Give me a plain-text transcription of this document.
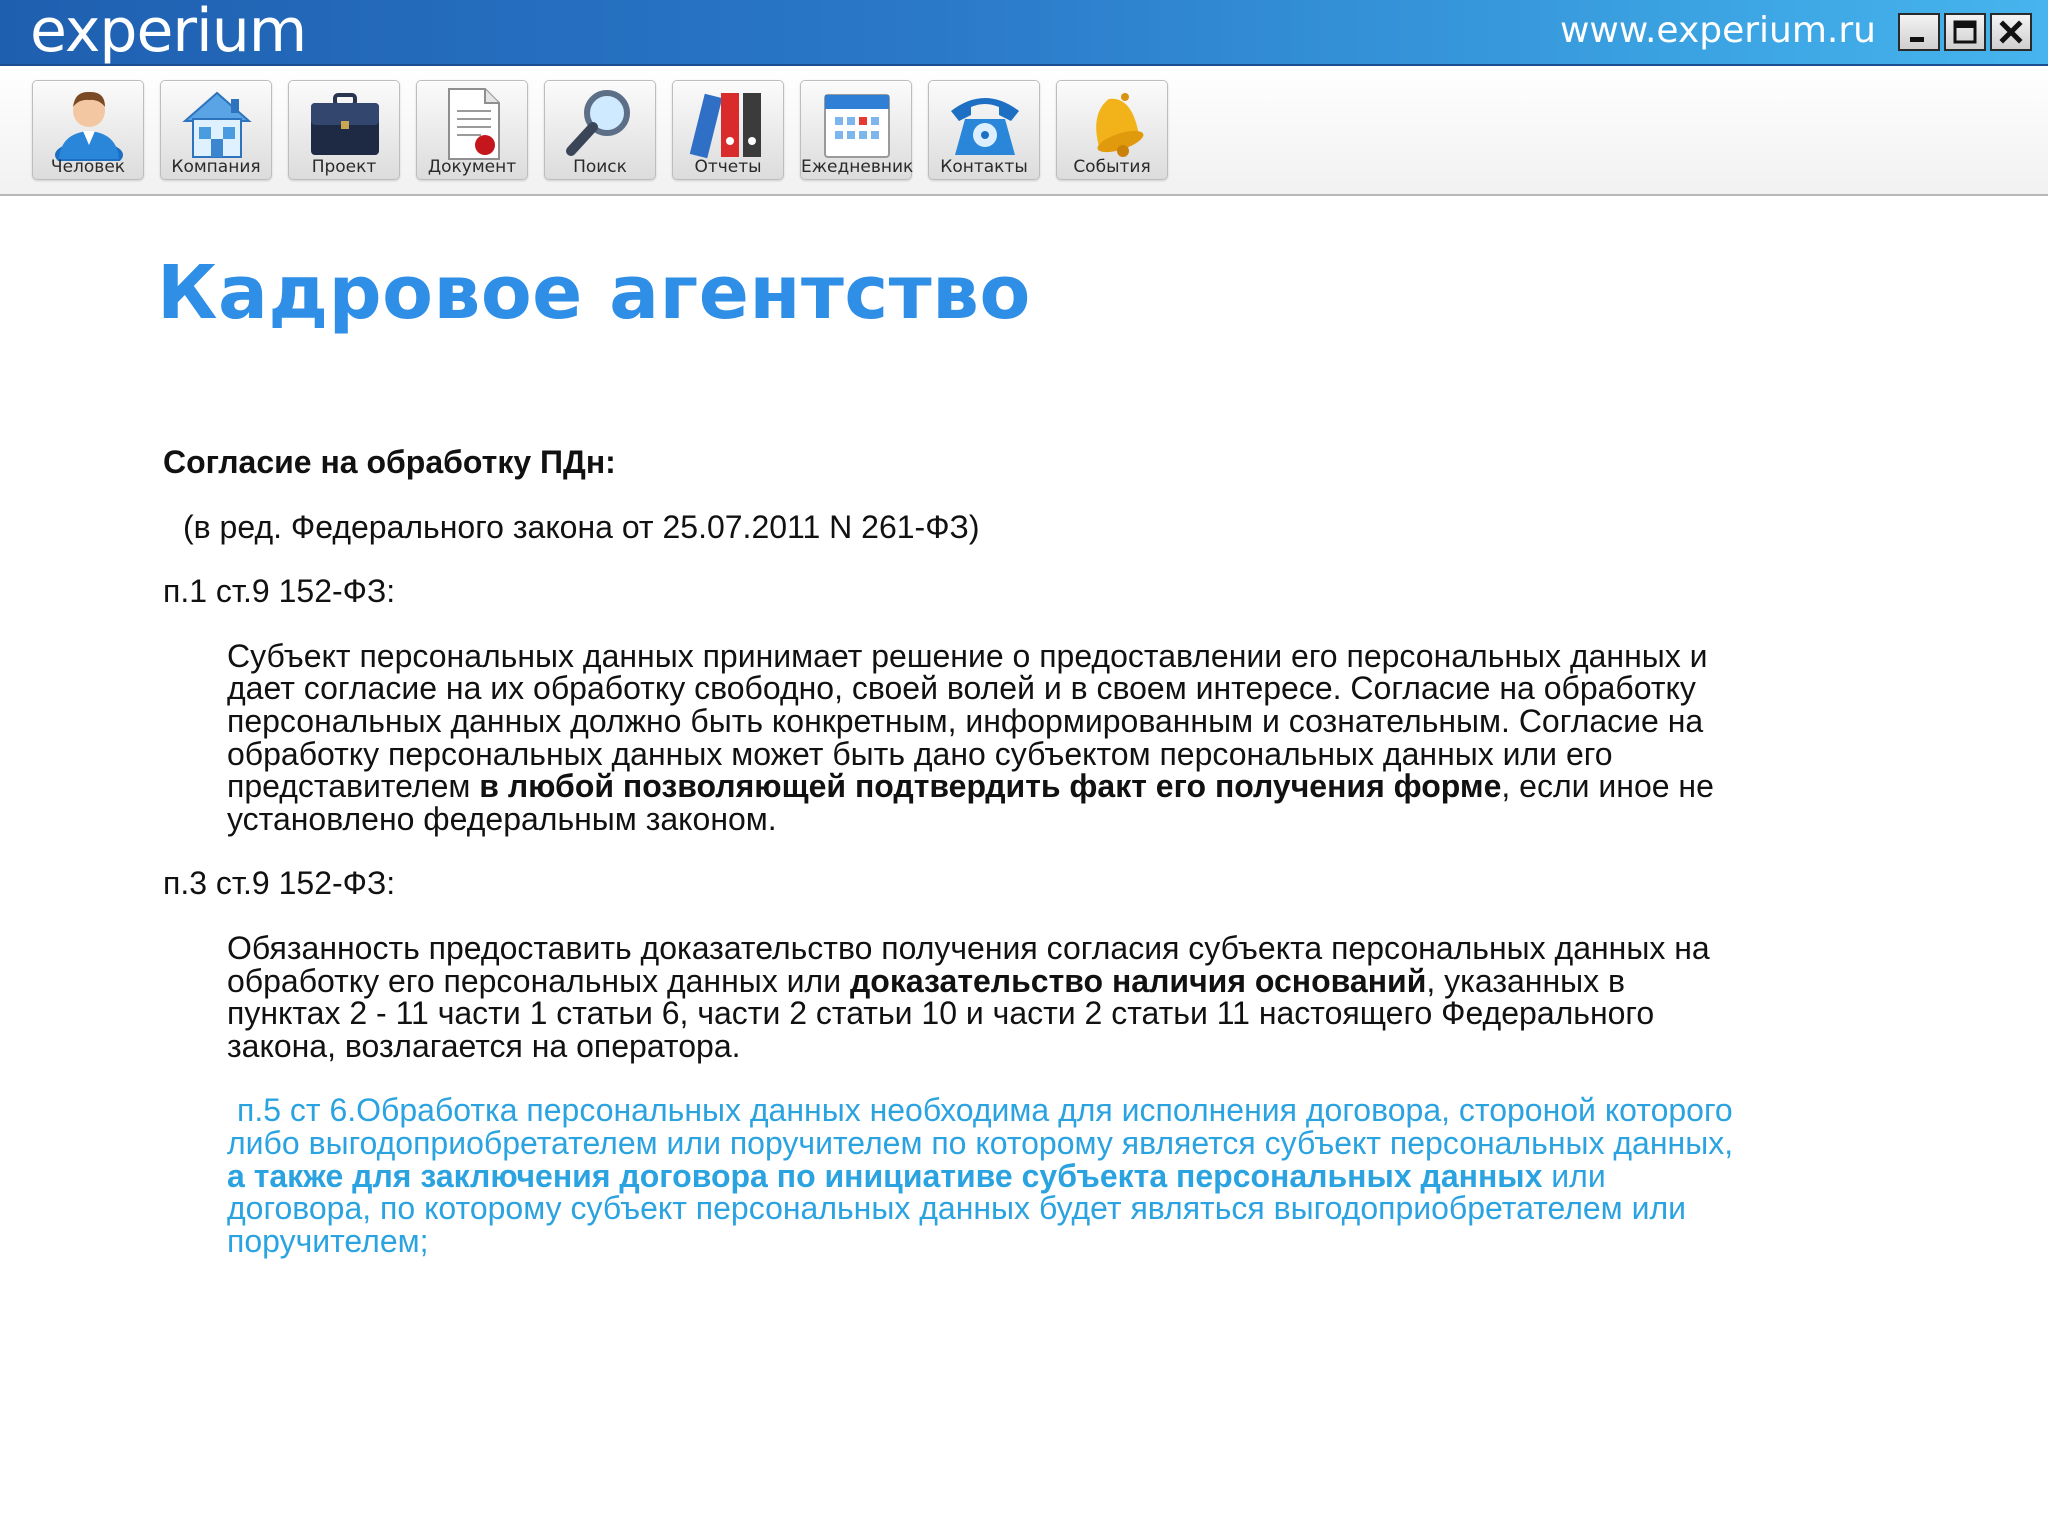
experium	www.experium.ru
Человек	Компания	Проект	Документ	Поиск	Отчеты	Ежедневник	Контакты	События
Кадровое агентство

Согласие на обработку ПДн:

(в ред. Федерального закона от 25.07.2011 N 261-ФЗ)

п.1 ст.9 152-ФЗ:

Субъект персональных данных принимает решение о предоставлении его персональных данных и дает согласие на их обработку свободно, своей волей и в своем интересе. Согласие на обработку персональных данных должно быть конкретным, информированным и сознательным. Согласие на обработку персональных данных может быть дано субъектом персональных данных или его представителем в любой позволяющей подтвердить факт его получения форме, если иное не установлено федеральным законом.

п.3 ст.9 152-ФЗ:

Обязанность предоставить доказательство получения согласия субъекта персональных данных на обработку его персональных данных или доказательство наличия оснований, указанных в пунктах 2 - 11 части 1 статьи 6, части 2 статьи 10 и части 2 статьи 11 настоящего Федерального закона, возлагается на оператора.

п.5 ст 6.Обработка персональных данных необходима для исполнения договора, стороной которого либо выгодоприобретателем или поручителем по которому является субъект персональных данных, а также для заключения договора по инициативе субъекта персональных данных или договора, по которому субъект персональных данных будет являться выгодоприобретателем или поручителем;
